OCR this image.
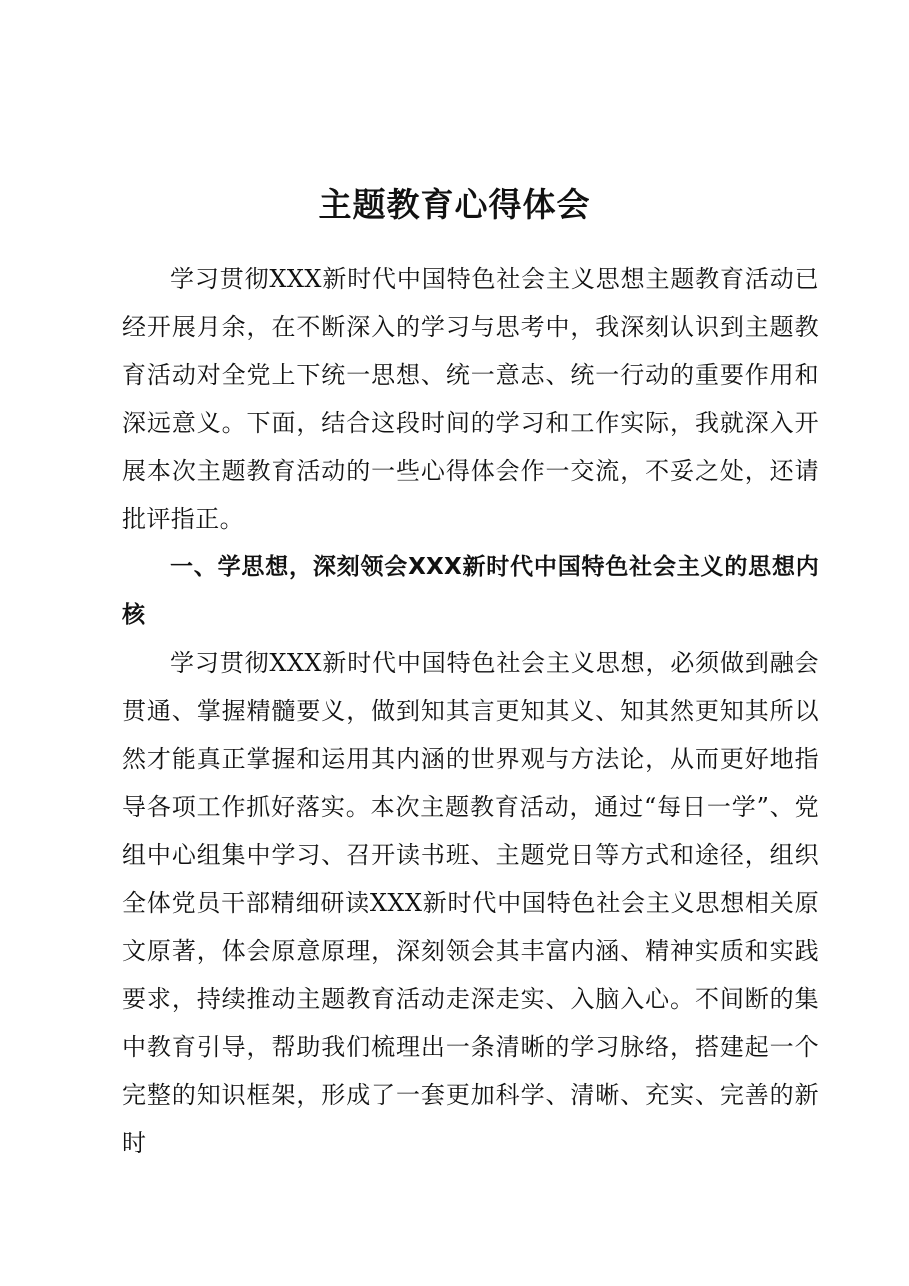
主题教育心得体会

学习贯彻XXX新时代中国特色社会主义思想主题教育活动已经开展月余，在不断深入的学习与思考中，我深刻认识到主题教育活动对全党上下统一思想、统一意志、统一行动的重要作用和深远意义。下面，结合这段时间的学习和工作实际，我就深入开展本次主题教育活动的一些心得体会作一交流，不妥之处，还请批评指正。

一、学思想，深刻领会XXX新时代中国特色社会主义的思想内核

学习贯彻XXX新时代中国特色社会主义思想，必须做到融会贯通、掌握精髓要义，做到知其言更知其义、知其然更知其所以然才能真正掌握和运用其内涵的世界观与方法论，从而更好地指导各项工作抓好落实。本次主题教育活动，通过“每日一学”、党组中心组集中学习、召开读书班、主题党日等方式和途径，组织全体党员干部精细研读XXX新时代中国特色社会主义思想相关原文原著，体会原意原理，深刻领会其丰富内涵、精神实质和实践要求，持续推动主题教育活动走深走实、入脑入心。不间断的集中教育引导，帮助我们梳理出一条清晰的学习脉络，搭建起一个完整的知识框架，形成了一套更加科学、清晰、充实、完善的新时
